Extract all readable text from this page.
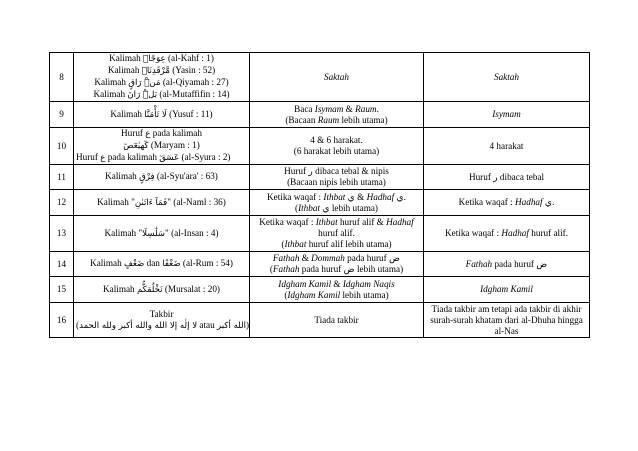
8	Kalimah عِوَجًاۜ (al-Kahf : 1)
Kalimah مَّرْقَدِنَاۜ (Yasin : 52)
Kalimah مَنْۜ رَاقٍ (al-Qiyamah : 27)
Kalimah بَلْۜ رَانَ (al-Mutaffifin : 14)	Saktah	Saktah

9	Kalimah لَا تَأْمَنَّا (Yusuf : 11)	Baca Isymam & Raum.
(Bacaan Raum lebih utama)	Isymam

10	Huruf ع pada kalimah
كٓهيٰعٓصٓ (Maryam : 1)
Huruf ع pada kalimah عٓسٓقٓ (al-Syura : 2)	4 & 6 harakat.
(6 harakat lebih utama)	4 harakat

11	Kalimah فِرْقٍ (al-Syu'ara' : 63)	Huruf ر dibaca tebal & nipis
(Bacaan nipis lebih utama)	Huruf ر dibaca tebal

12	Kalimah "فَمَآ ءَاتَىٰنِ" (al-Naml : 36)	Ketika waqaf : Ithbat ي & Hadhaf ي.
(Ithbat ي lebih utama)	Ketika waqaf : Hadhaf ي.

13	Kalimah "سَلَٰسِلَا" (al-Insan : 4)	Ketika waqaf : Ithbat huruf alif & Hadhaf
huruf alif.
(Ithbat huruf alif lebih utama)	Ketika waqaf : Hadhaf huruf alif.

14	Kalimah ضَعْفٍ dan ضَعْفًا (al-Rum : 54)	Fathah & Dommah pada huruf ض
(Fathah pada huruf ض lebih utama)	Fathah pada huruf ض

15	Kalimah نَخْلُقكُّم (Mursalat : 20)	Idgham Kamil & Idgham Naqis
(Idgham Kamil lebih utama)	Idgham Kamil

16	Takbir
(لا إلٰه إلا الله والله أكبر ولله الحمد atau الله أكبر)	Tiada takbir	Tiada takbir am tetapi ada takbir di akhir
surah-surah khatam dari al-Dhuha hingga
al-Nas
